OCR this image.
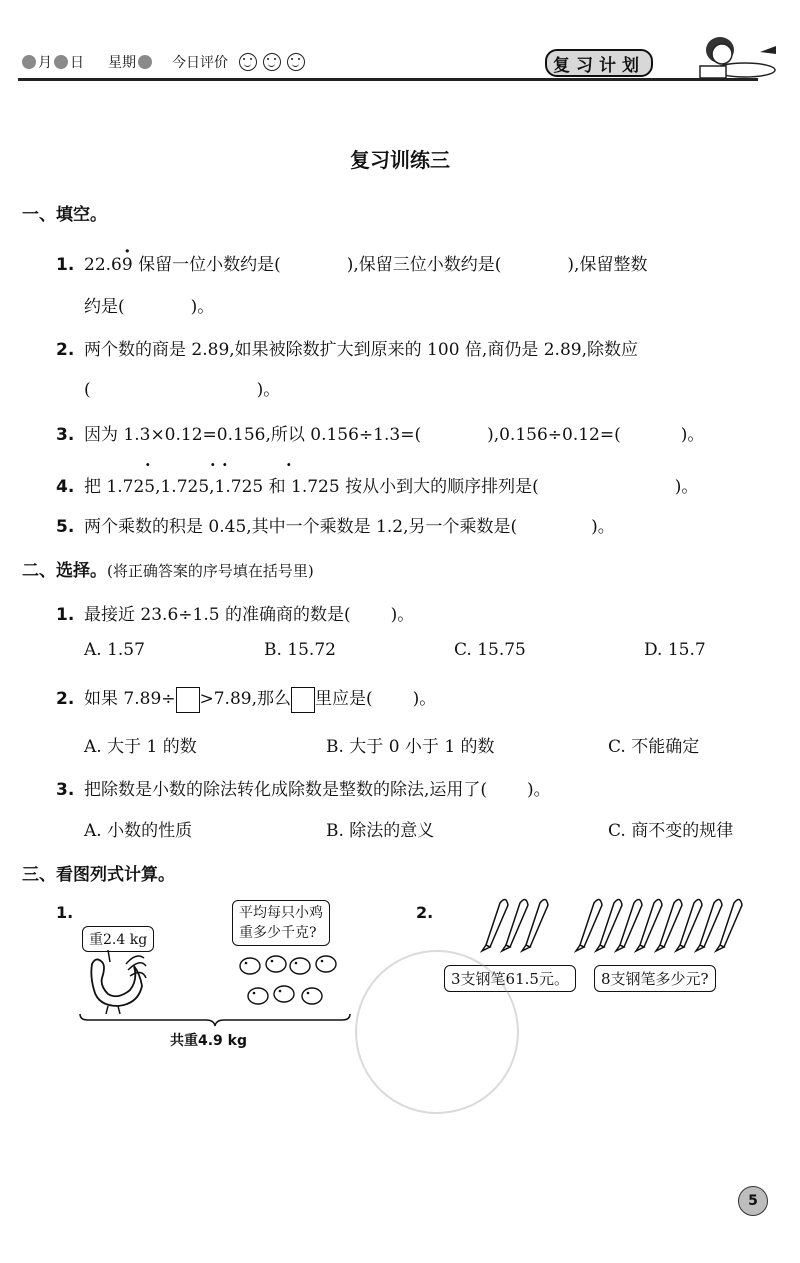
月 日 星期	今日评价	复习计划
复习训练三
一、填空。
1. 22.69 · 保留一位小数约是(	),保留三位小数约是(	),保留整数
约是(	)。
2. 两个数的商是 2.89,如果被除数扩大到原来的 100 倍,商仍是 2.89,除数应
(	)。
3. 因为 1.3×0.12=0.156,所以 0.156÷1.3=(	),0.156÷0.12=(	)。
4. 把 1.725,1.725,1.725 和 1.725 按从小到大的顺序排列是(	)。
·	· ·	·
5. 两个乘数的积是 0.45,其中一个乘数是 1.2,另一个乘数是(	)。
二、选择。(将正确答案的序号填在括号里)
1. 最接近 23.6÷1.5 的准确商的数是( )。
A. 1.57	B. 15.72	C. 15.75	D. 15.7
2. 如果 7.89÷ >7.89,那么 里应是( )。
A. 大于 1 的数	B. 大于 0 小于 1 的数	C. 不能确定
3. 把除数是小数的除法转化成除数是整数的除法,运用了( )。
A. 小数的性质	B. 除法的意义	C. 商不变的规律
三、看图列式计算。
1.
重2.4 kg
平均每只小鸡
重多少千克?
共重4.9 kg
2.
3支钢笔61.5元。	8支钢笔多少元?
5
